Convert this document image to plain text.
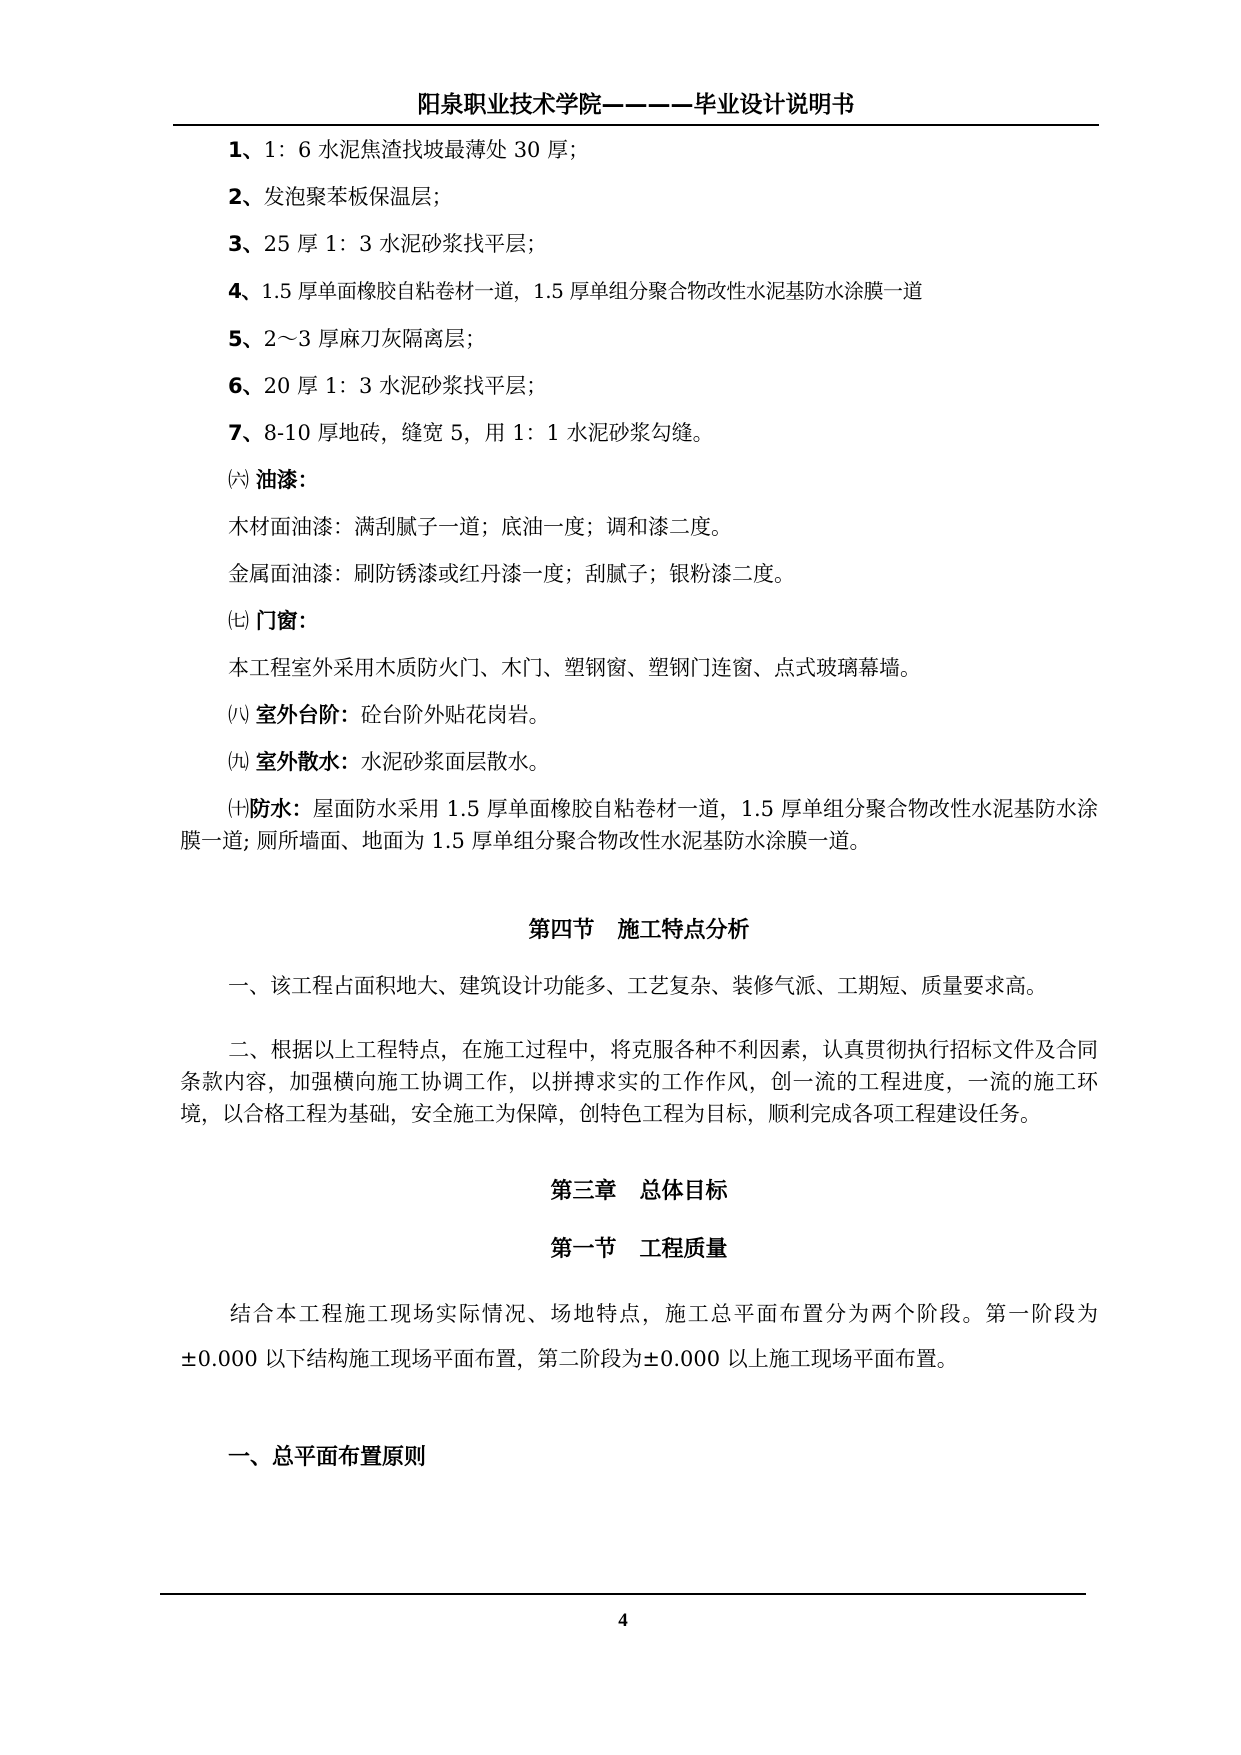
阳泉职业技术学院————毕业设计说明书
1、1：6 水泥焦渣找坡最薄处 30 厚；
2、发泡聚苯板保温层；
3、25 厚 1：3 水泥砂浆找平层；
4、1.5 厚单面橡胶自粘卷材一道，1.5 厚单组分聚合物改性水泥基防水涂膜一道
5、2～3 厚麻刀灰隔离层；
6、20 厚 1：3 水泥砂浆找平层；
7、8-10 厚地砖，缝宽 5，用 1：1 水泥砂浆勾缝。
㈥ 油漆：
木材面油漆：满刮腻子一道；底油一度；调和漆二度。
金属面油漆：刷防锈漆或红丹漆一度；刮腻子；银粉漆二度。
㈦ 门窗：
本工程室外采用木质防火门、木门、塑钢窗、塑钢门连窗、点式玻璃幕墙。
㈧ 室外台阶：砼台阶外贴花岗岩。
㈨ 室外散水：水泥砂浆面层散水。
㈩防水：屋面防水采用 1.5 厚单面橡胶自粘卷材一道，1.5 厚单组分聚合物改性水泥基防水涂膜一道; 厕所墙面、地面为 1.5 厚单组分聚合物改性水泥基防水涂膜一道。
第四节   施工特点分析
一、该工程占面积地大、建筑设计功能多、工艺复杂、装修气派、工期短、质量要求高。
二、根据以上工程特点，在施工过程中，将克服各种不利因素，认真贯彻执行招标文件及合同条款内容，加强横向施工协调工作，以拼搏求实的工作作风，创一流的工程进度，一流的施工环境，以合格工程为基础，安全施工为保障，创特色工程为目标，顺利完成各项工程建设任务。
第三章   总体目标
第一节   工程质量
结合本工程施工现场实际情况、场地特点，施工总平面布置分为两个阶段。第一阶段为±0.000 以下结构施工现场平面布置，第二阶段为±0.000 以上施工现场平面布置。
一、总平面布置原则
4
